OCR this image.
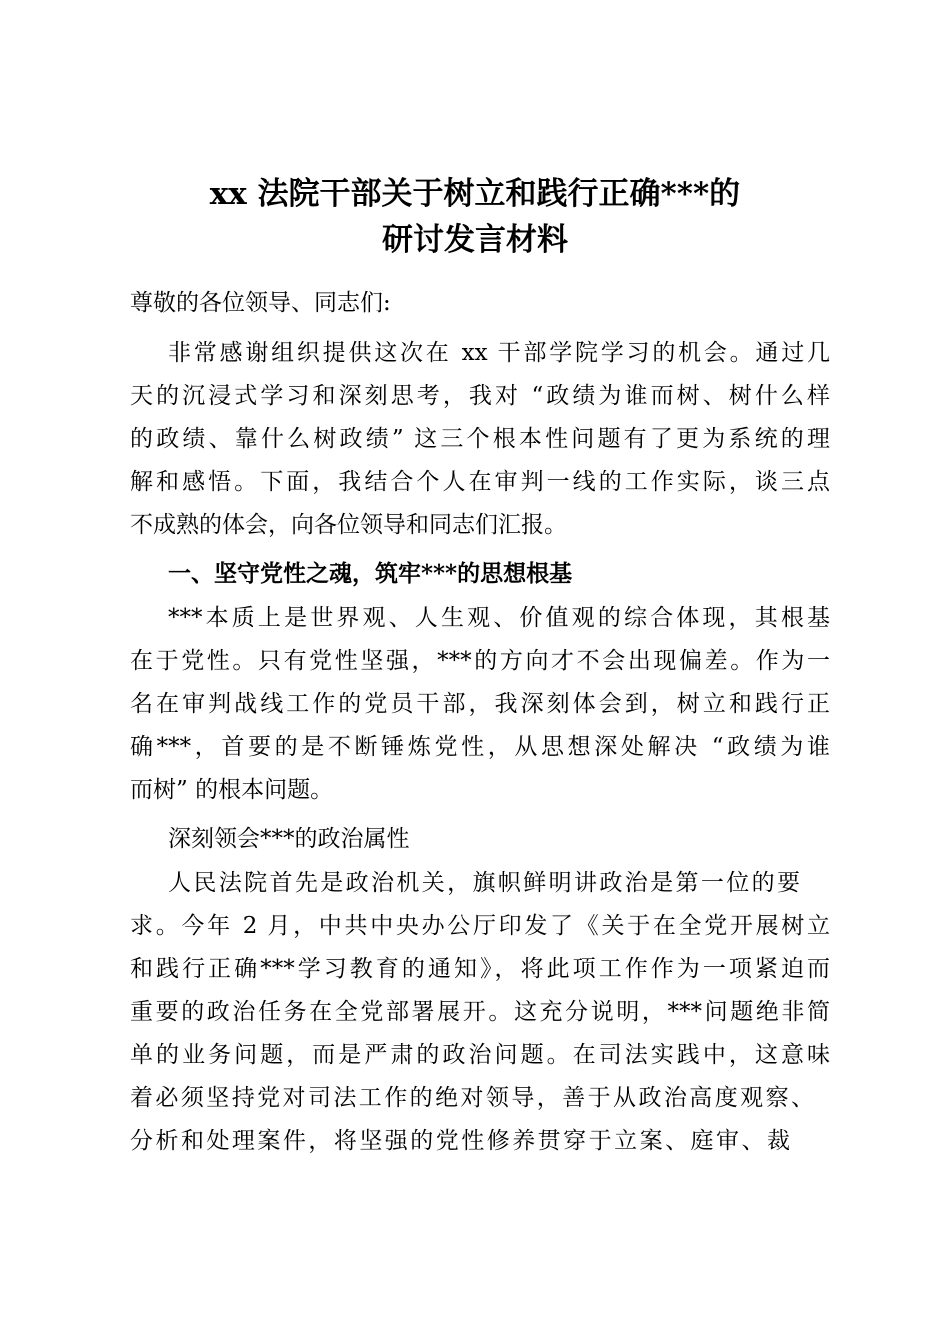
xx 法院干部关于树立和践行正确***的
研讨发言材料
尊敬的各位领导、同志们:
非常感谢组织提供这次在 xx 干部学院学习的机会。通过几
天的沉浸式学习和深刻思考，我对 “政绩为谁而树、树什么样
的政绩、靠什么树政绩” 这三个根本性问题有了更为系统的理
解和感悟。下面，我结合个人在审判一线的工作实际，谈三点
不成熟的体会，向各位领导和同志们汇报。
一、坚守党性之魂，筑牢***的思想根基
***本质上是世界观、人生观、价值观的综合体现，其根基
在于党性。只有党性坚强，***的方向才不会出现偏差。作为一
名在审判战线工作的党员干部，我深刻体会到，树立和践行正
确***，首要的是不断锤炼党性，从思想深处解决 “政绩为谁
而树” 的根本问题。
深刻领会***的政治属性
人民法院首先是政治机关，旗帜鲜明讲政治是第一位的要
求。今年 2 月，中共中央办公厅印发了《关于在全党开展树立
和践行正确***学习教育的通知》，将此项工作作为一项紧迫而
重要的政治任务在全党部署展开。这充分说明，***问题绝非简
单的业务问题，而是严肃的政治问题。在司法实践中，这意味
着必须坚持党对司法工作的绝对领导，善于从政治高度观察、
分析和处理案件，将坚强的党性修养贯穿于立案、庭审、裁
